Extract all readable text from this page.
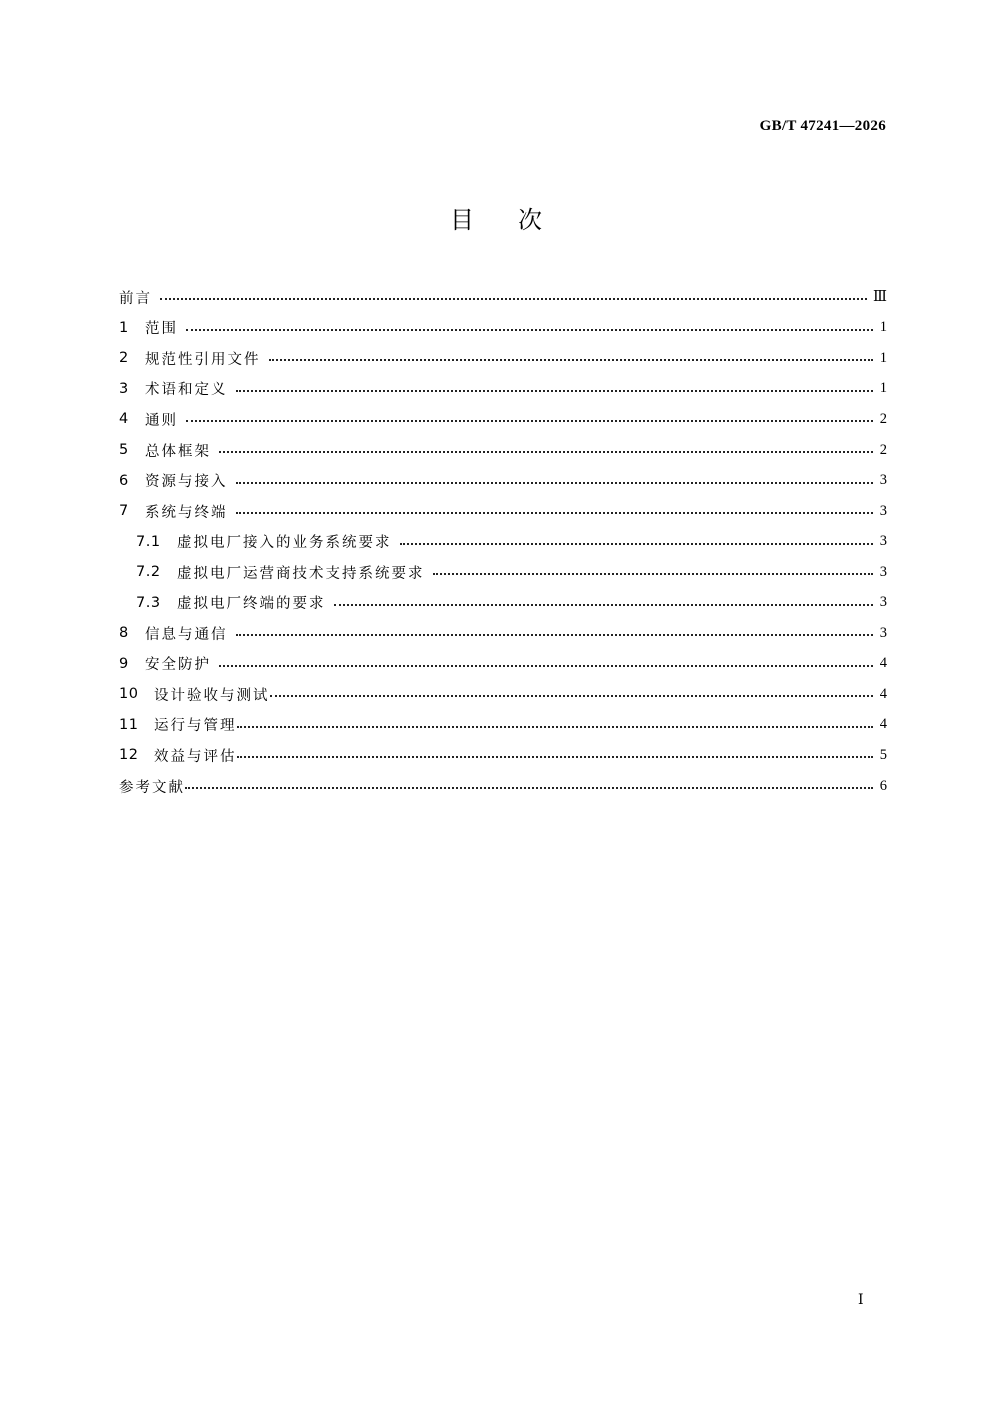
GB/T 47241—2026
目次
前言	Ⅲ
1	范围	1
2	规范性引用文件	1
3	术语和定义	1
4	通则	2
5	总体框架	2
6	资源与接入	3
7	系统与终端	3
7.1	虚拟电厂接入的业务系统要求	3
7.2	虚拟电厂运营商技术支持系统要求	3
7.3	虚拟电厂终端的要求	3
8	信息与通信	3
9	安全防护	4
10	设计验收与测试	4
11	运行与管理	4
12	效益与评估	5
参考文献	6
Ⅰ
